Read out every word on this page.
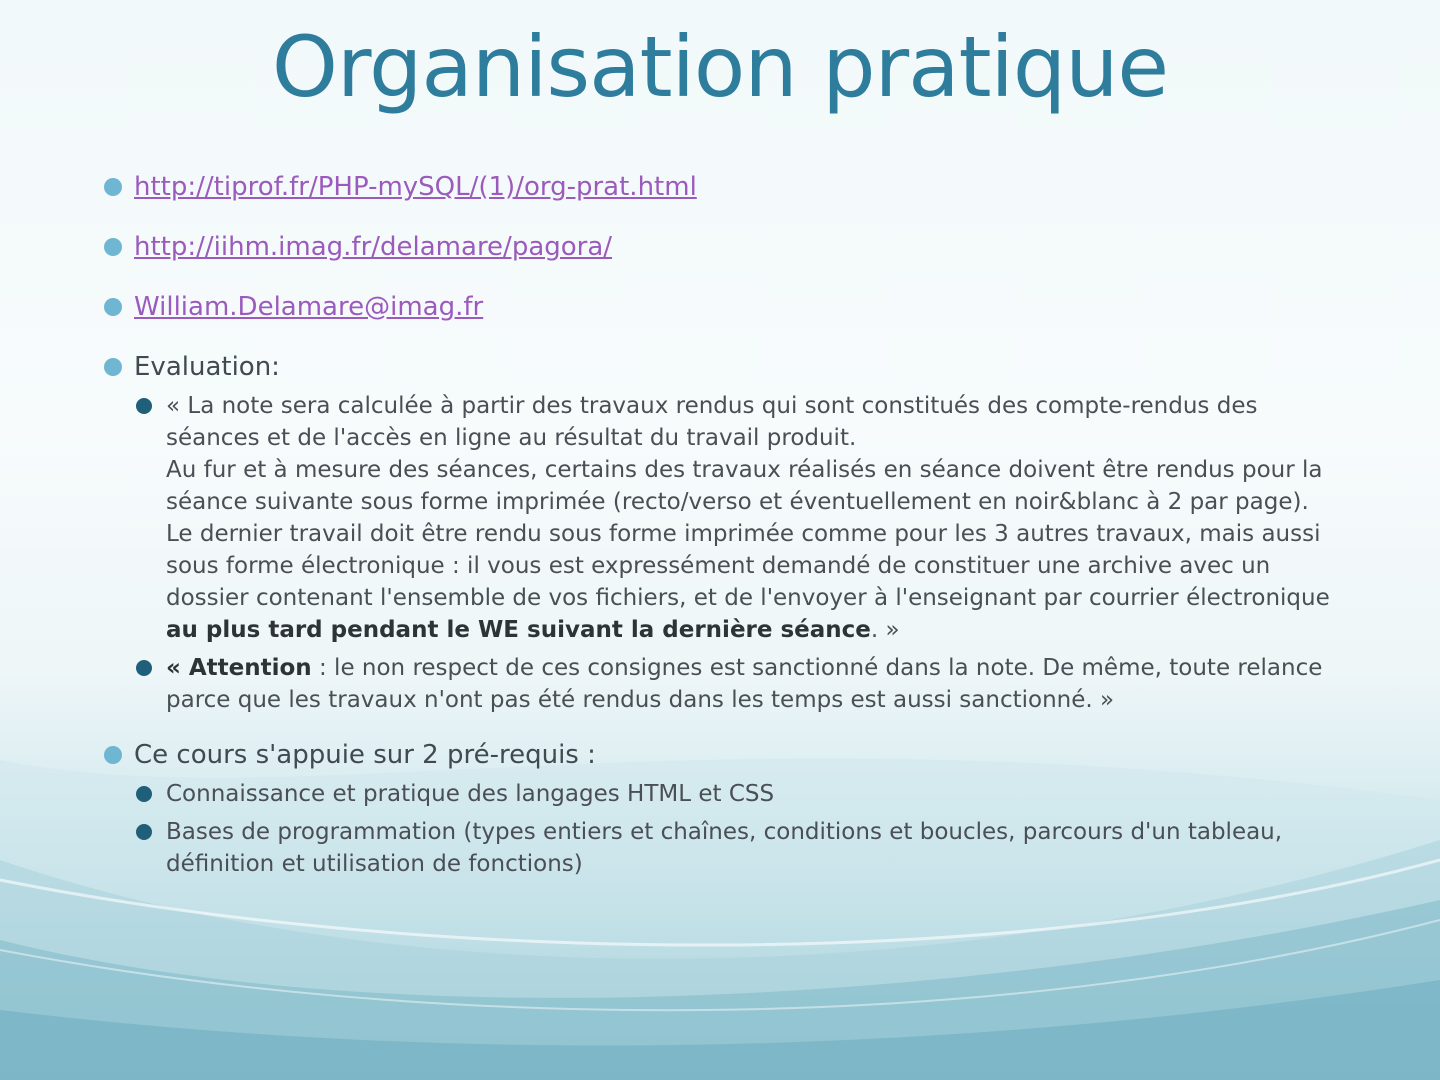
Organisation pratique
http://tiprof.fr/PHP-mySQL/(1)/org-prat.html
http://iihm.imag.fr/delamare/pagora/
William.Delamare@imag.fr
Evaluation:
« La note sera calculée à partir des travaux rendus qui sont constitués des compte-rendus des
séances et de l'accès en ligne au résultat du travail produit.
Au fur et à mesure des séances, certains des travaux réalisés en séance doivent être rendus pour la
séance suivante sous forme imprimée (recto/verso et éventuellement en noir&blanc à 2 par page).
Le dernier travail doit être rendu sous forme imprimée comme pour les 3 autres travaux, mais aussi
sous forme électronique : il vous est expressément demandé de constituer une archive avec un
dossier contenant l'ensemble de vos fichiers, et de l'envoyer à l'enseignant par courrier électronique
au plus tard pendant le WE suivant la dernière séance. »
« Attention : le non respect de ces consignes est sanctionné dans la note. De même, toute relance
parce que les travaux n'ont pas été rendus dans les temps est aussi sanctionné. »
Ce cours s'appuie sur 2 pré-requis :
Connaissance et pratique des langages HTML et CSS
Bases de programmation (types entiers et chaînes, conditions et boucles, parcours d'un tableau,
définition et utilisation de fonctions)
